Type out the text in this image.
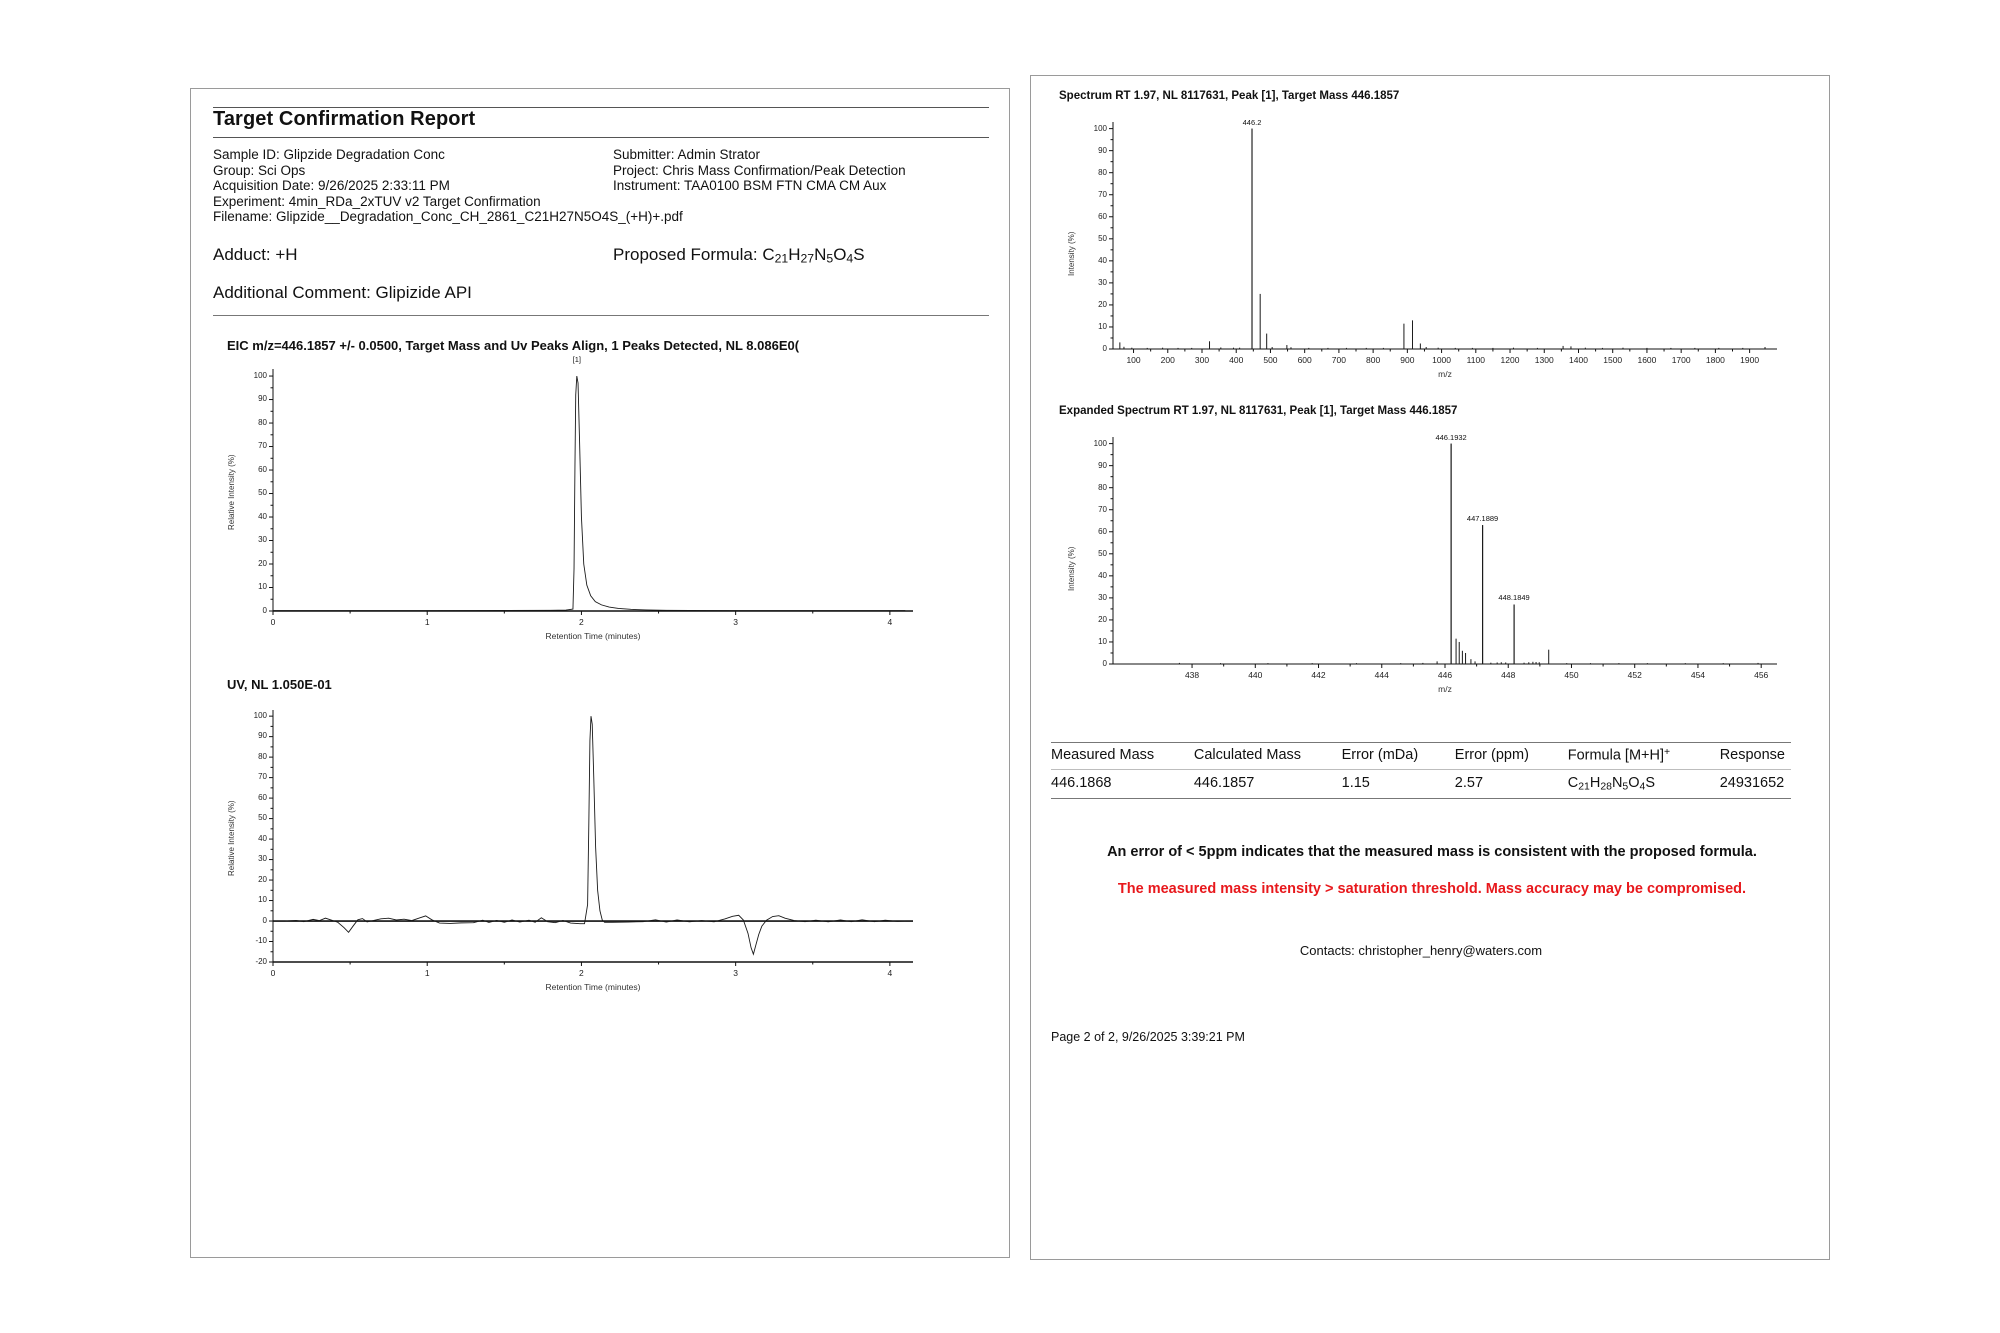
Target Confirmation Report
Sample ID: Glipzide Degradation Conc
Group: Sci Ops
Acquisition Date: 9/26/2025 2:33:11 PM
Experiment: 4min_RDa_2xTUV v2 Target Confirmation
Filename: Glipzide__Degradation_Conc_CH_2861_C21H27N5O4S_(+H)+.pdf
Submitter: Admin Strator
Project: Chris Mass Confirmation/Peak Detection
Instrument: TAA0100 BSM FTN CMA CM Aux
Adduct: +H	Proposed Formula: $C_{21}H_{27}N_5O_4S$
Additional Comment: Glipizide API
EIC m/z=446.1857 +/- 0.0500, Target Mass and Uv Peaks Align, 1 Peaks Detected, NL 8.086E0(
0
10
20
30
40
50
60
70
80
90
100
0	1	2	3	4
[1]
Retention Time (minutes)
Relative Intensity (%)
UV, NL 1.050E-01
-20
-10
0
10
20
30
40
50
60
70
80
90
100
0	1	2	3	4
Retention Time (minutes)
Relative Intensity (%)
Spectrum RT 1.97, NL 8117631, Peak [1], Target Mass 446.1857
0
10
20
30
40
50
60
70
80
90
100
100	200	300	400	500	600	700	800	900	1000	1100	1200	1300	1400	1500	1600	1700	1800	1900
446.2
m/z
Intensity (%)
Expanded Spectrum RT 1.97, NL 8117631, Peak [1], Target Mass 446.1857
0
10
20
30
40
50
60
70
80
90
100
438	440	442	444	446	448	450	452	454	456
446.1932
447.1889
448.1849
m/z
Intensity (%)
Measured Mass	Calculated Mass	Error (mDa)	Error (ppm)	Formula [M+H]+	Response
446.1868	446.1857	1.15	2.57	$C_{21}H_{28}N_5O_4S$	24931652
An error of < 5ppm indicates that the measured mass is consistent with the proposed formula.
The measured mass intensity > saturation threshold. Mass accuracy may be compromised.
Contacts: christopher_henry@waters.com
Page 2 of 2, 9/26/2025 3:39:21 PM
